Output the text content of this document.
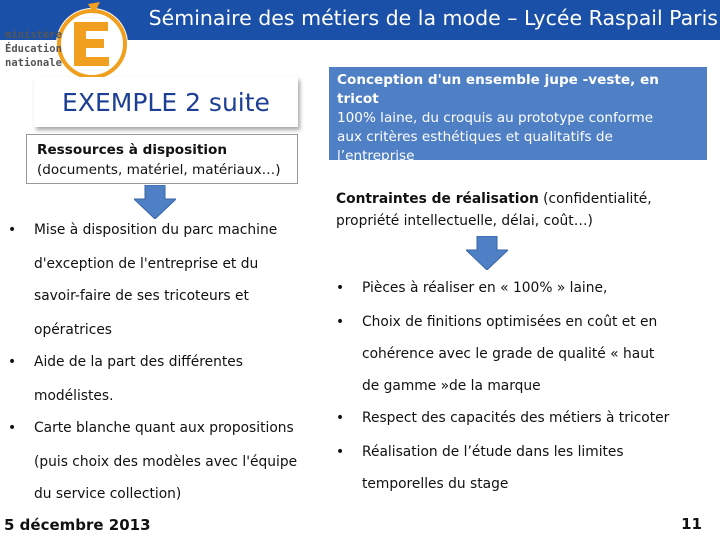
Séminaire des métiers de la mode – Lycée Raspail Paris
ministère
Éducation
nationale
EXEMPLE 2 suite
Ressources à disposition
(documents, matériel, matériaux…)
• Mise à disposition du parc machine
d'exception de l'entreprise et du
savoir-faire de ses tricoteurs et
opératrices
• Aide de la part des différentes
modélistes.
• Carte blanche quant aux propositions
(puis choix des modèles avec l'équipe
du service collection)
Conception d'un ensemble jupe -veste, en tricot
100% laine, du croquis au prototype conforme
aux critères esthétiques et qualitatifs de
l’entreprise
Contraintes de réalisation (confidentialité,
propriété intellectuelle, délai, coût…)
• Pièces à réaliser en « 100% » laine,
• Choix de finitions optimisées en coût et en
cohérence avec le grade de qualité « haut
de gamme »de la marque
• Respect des capacités des métiers à tricoter
• Réalisation de l’étude dans les limites
temporelles du stage
5 décembre 2013	11
